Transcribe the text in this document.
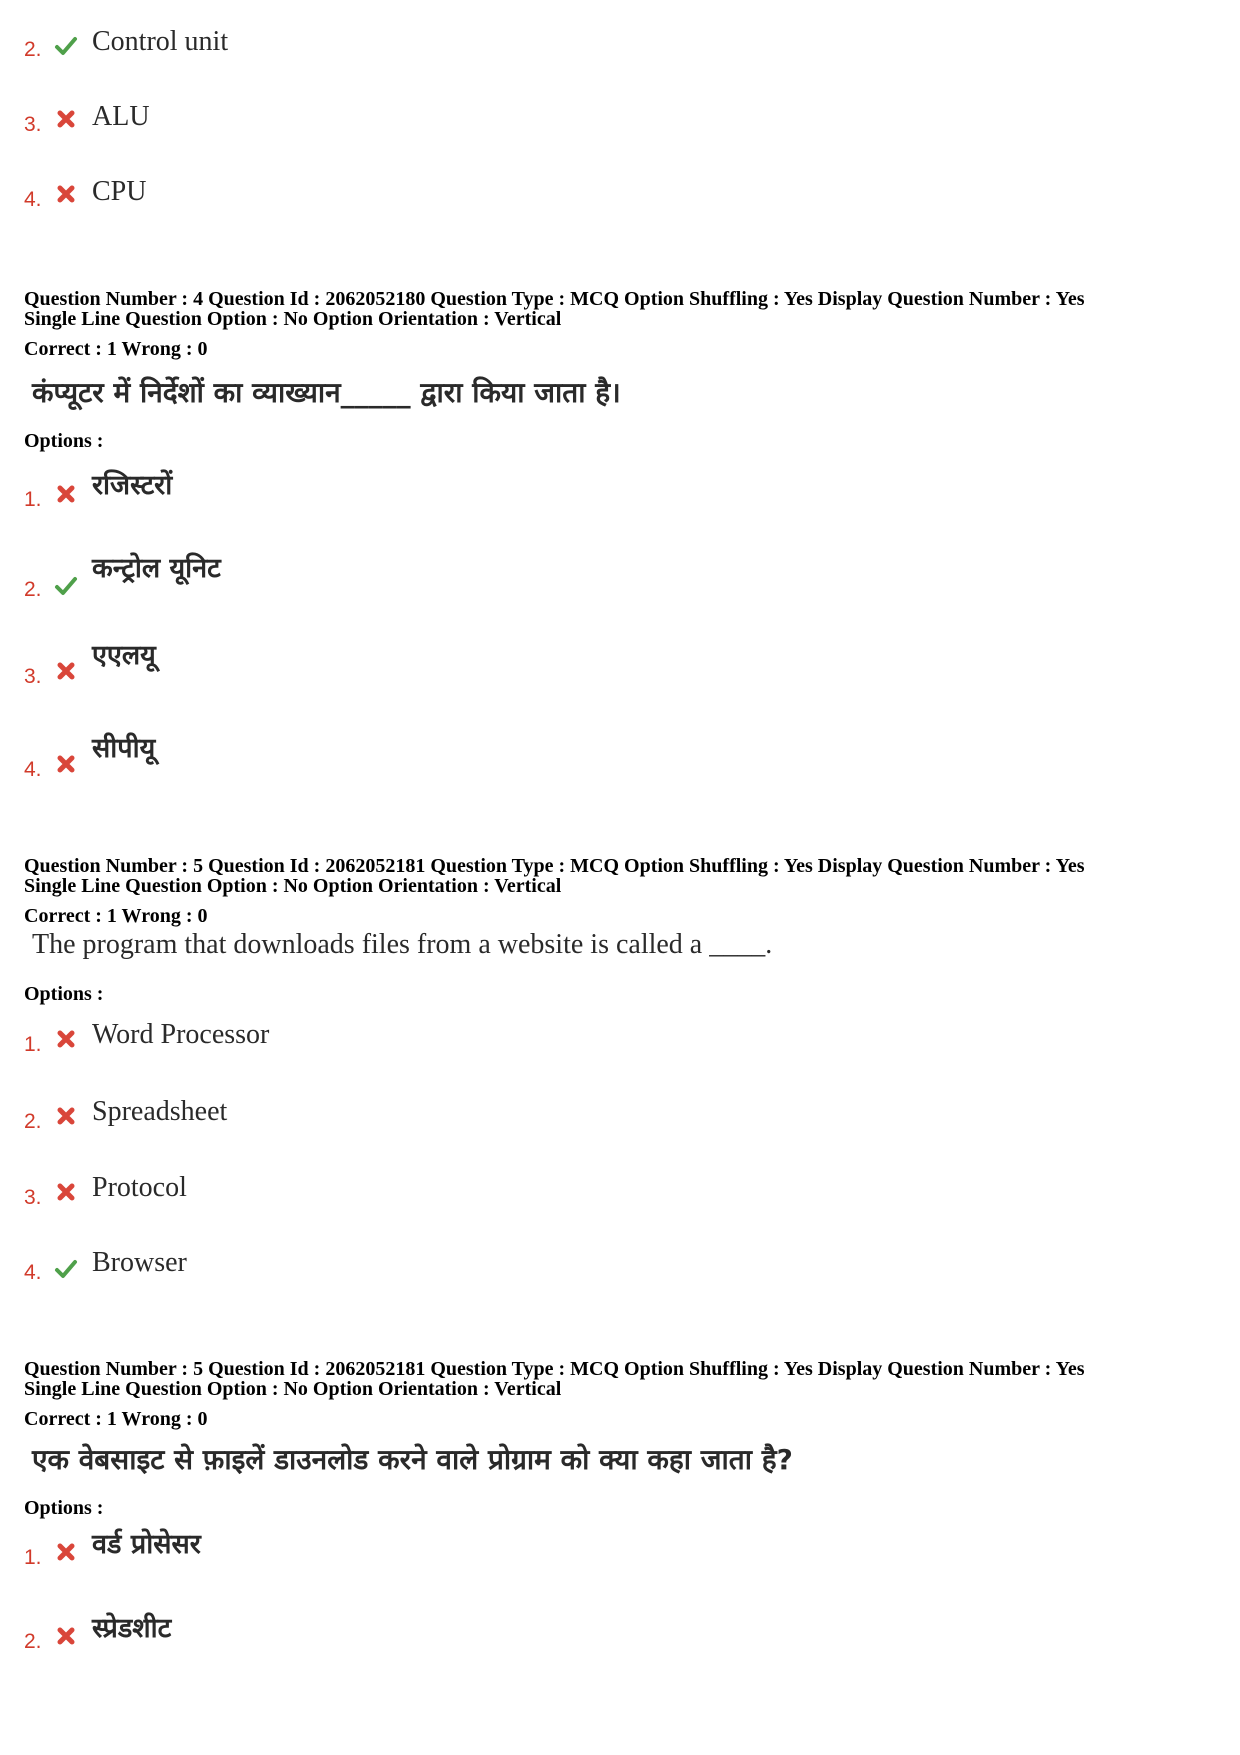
2. Control unit
3. ALU
4. CPU
Question Number : 4 Question Id : 2062052180 Question Type : MCQ Option Shuffling : Yes Display Question Number : Yes
Single Line Question Option : No Option Orientation : Vertical
Correct : 1 Wrong : 0
कंप्यूटर में निर्देशों का व्याख्यान_____ द्वारा किया जाता है।
Options :
1. रजिस्टरों
2.
कन्ट्रोल यूनिट
3.
एएलयू
4.
सीपीयू
Question Number : 5 Question Id : 2062052181 Question Type : MCQ Option Shuffling : Yes Display Question Number : Yes
Single Line Question Option : No Option Orientation : Vertical
Correct : 1 Wrong : 0
The program that downloads files from a website is called a ____.
Options :
1. Word Processor
2. Spreadsheet
3. Protocol
4. Browser
Question Number : 5 Question Id : 2062052181 Question Type : MCQ Option Shuffling : Yes Display Question Number : Yes
Single Line Question Option : No Option Orientation : Vertical
Correct : 1 Wrong : 0
एक वेबसाइट से फ़ाइलें डाउनलोड करने वाले प्रोग्राम को क्या कहा जाता है?
Options :
1. वर्ड प्रोसेसर
2. स्प्रेडशीट
